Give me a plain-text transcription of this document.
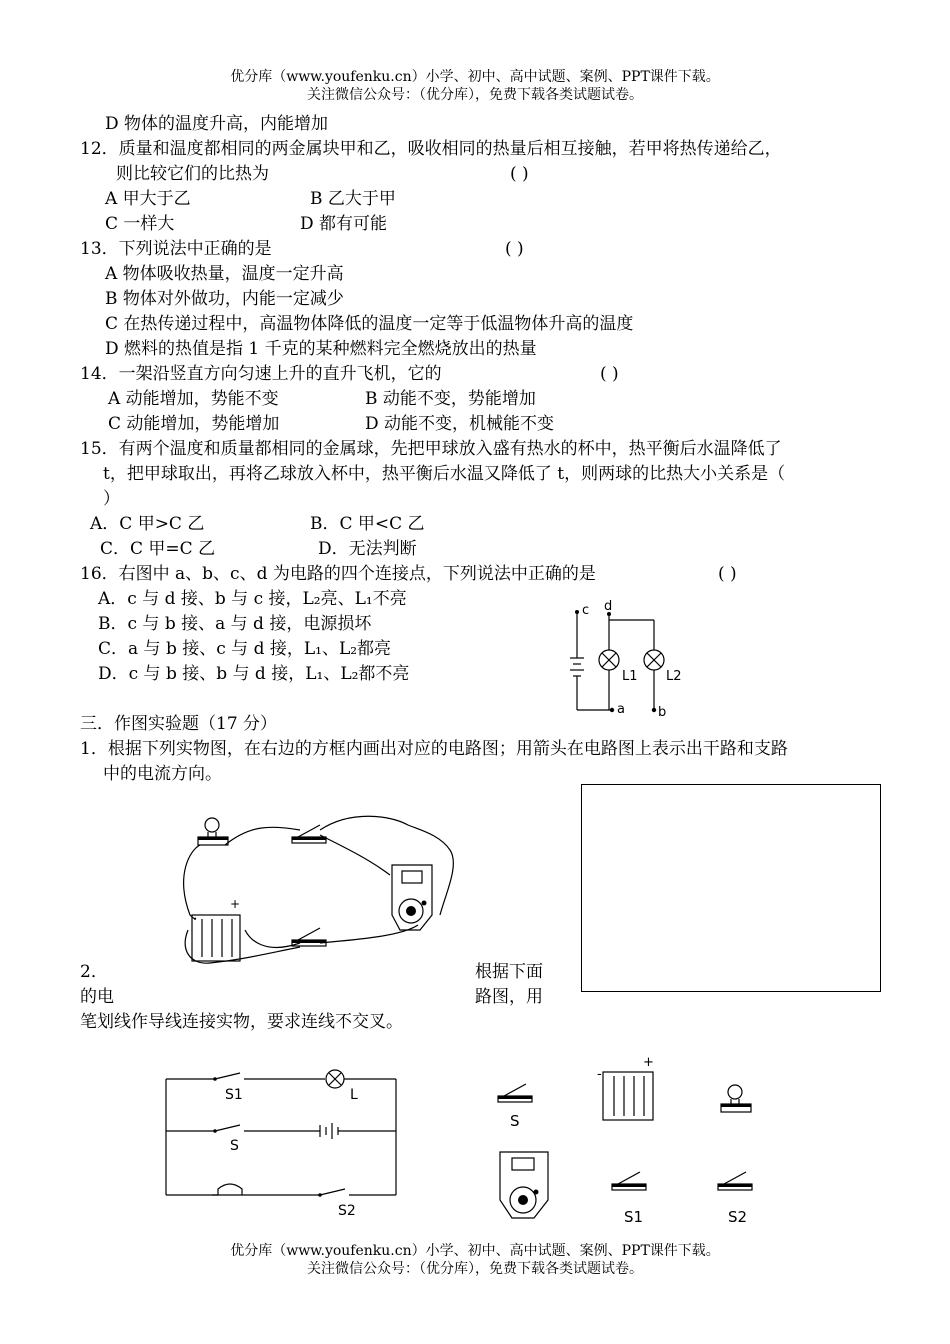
优分库（www.youfenku.cn）小学、初中、高中试题、案例、PPT课件下载。
关注微信公众号：（优分库），免费下载各类试题试卷。
D 物体的温度升高，内能增加
12．质量和温度都相同的两金属块甲和乙，吸收相同的热量后相互接触，若甲将热传递给乙，
则比较它们的比热为	( )
A 甲大于乙	B 乙大于甲
C 一样大	D 都有可能
13．下列说法中正确的是	( )
A 物体吸收热量，温度一定升高
B 物体对外做功，内能一定减少
C 在热传递过程中，高温物体降低的温度一定等于低温物体升高的温度
D 燃料的热值是指 1 千克的某种燃料完全燃烧放出的热量
14．一架沿竖直方向匀速上升的直升飞机，它的	( )
A 动能增加，势能不变	B 动能不变，势能增加
C 动能增加，势能增加	D 动能不变，机械能不变
15．有两个温度和质量都相同的金属球，先把甲球放入盛有热水的杯中，热平衡后水温降低了
t，把甲球取出，再将乙球放入杯中，热平衡后水温又降低了 t，则两球的比热大小关系是（
）
A．C 甲>C 乙	B．C 甲<C 乙
C．C 甲=C 乙	D．无法判断
16．右图中 a、b、c、d 为电路的四个连接点，下列说法中正确的是	( )
A．c 与 d 接、b 与 c 接，L₂亮、L₁不亮
B．c 与 b 接、a 与 d 接，电源损坏
C．a 与 b 接、c 与 d 接，L₁、L₂都亮
D．c 与 b 接、b 与 d 接，L₁、L₂都不亮
c d
a	b
L1 L2
三．作图实验题（17 分）
1．根据下列实物图，在右边的方框内画出对应的电路图；用箭头在电路图上表示出干路和支路
中的电流方向。
+
2．	根据下面
的电	路图，用
笔划线作导线连接实物，要求连线不交叉。
S1	L
S
S2
S
+
-
S1	S2
优分库（www.youfenku.cn）小学、初中、高中试题、案例、PPT课件下载。
关注微信公众号：（优分库），免费下载各类试题试卷。
